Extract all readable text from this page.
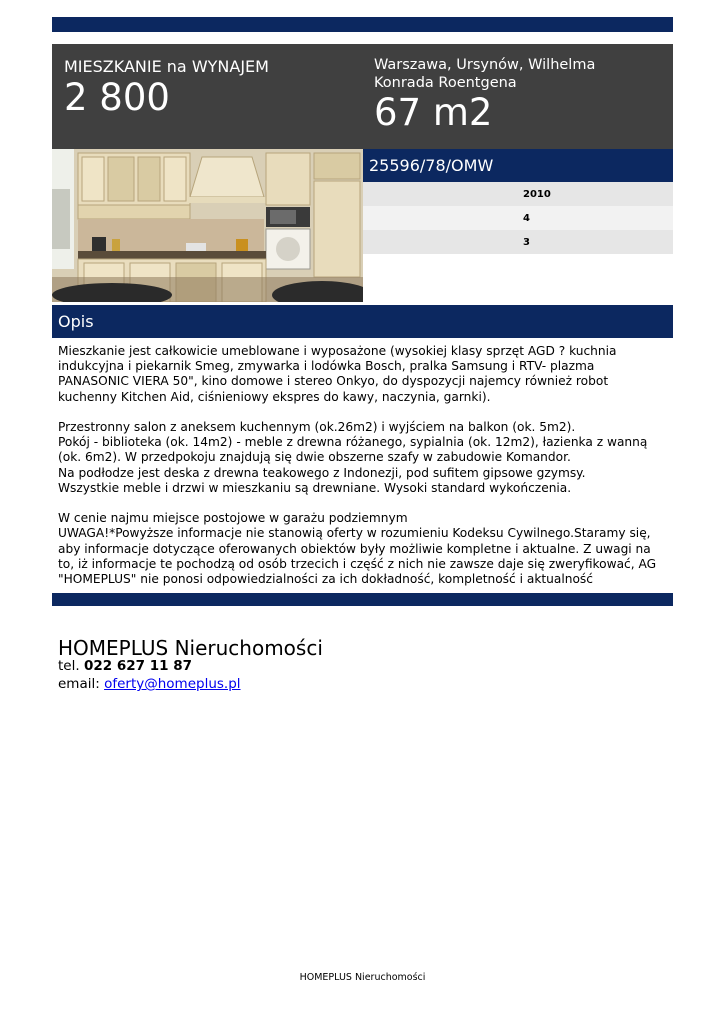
MIESZKANIE na WYNAJEM
2 800
Warszawa, Ursynów, Wilhelma Konrada Roentgena
67 m2
25596/78/OMW
2010
4
3
Opis

Mieszkanie jest całkowicie umeblowane i wyposażone (wysokiej klasy sprzęt AGD ? kuchnia indukcyjna i piekarnik Smeg, zmywarka i lodówka Bosch, pralka Samsung i RTV- plazma PANASONIC VIERA 50", kino domowe i stereo Onkyo, do dyspozycji najemcy również robot kuchenny Kitchen Aid, ciśnieniowy ekspres do kawy, naczynia, garnki).

Przestronny salon z aneksem kuchennym (ok.26m2) i wyjściem na balkon (ok. 5m2).

Pokój - biblioteka (ok. 14m2) - meble z drewna różanego, sypialnia (ok. 12m2), łazienka z wanną (ok. 6m2). W przedpokoju znajdują się dwie obszerne szafy w zabudowie Komandor.

Na podłodze jest deska z drewna teakowego z Indonezji, pod sufitem gipsowe gzymsy.

Wszystkie meble i drzwi w mieszkaniu są drewniane. Wysoki standard wykończenia.

W cenie najmu miejsce postojowe w garażu podziemnym

UWAGA!*Powyższe informacje nie stanowią oferty w rozumieniu Kodeksu Cywilnego.Staramy się, aby informacje dotyczące oferowanych obiektów były możliwie kompletne i aktualne. Z uwagi na to, iż informacje te pochodzą od osób trzecich i część z nich nie zawsze daje się zweryfikować, AG "HOMEPLUS" nie ponosi odpowiedzialności za ich dokładność, kompletność i aktualność

HOMEPLUS Nieruchomości
tel. 022 627 11 87
email: oferty@homeplus.pl
HOMEPLUS Nieruchomości
